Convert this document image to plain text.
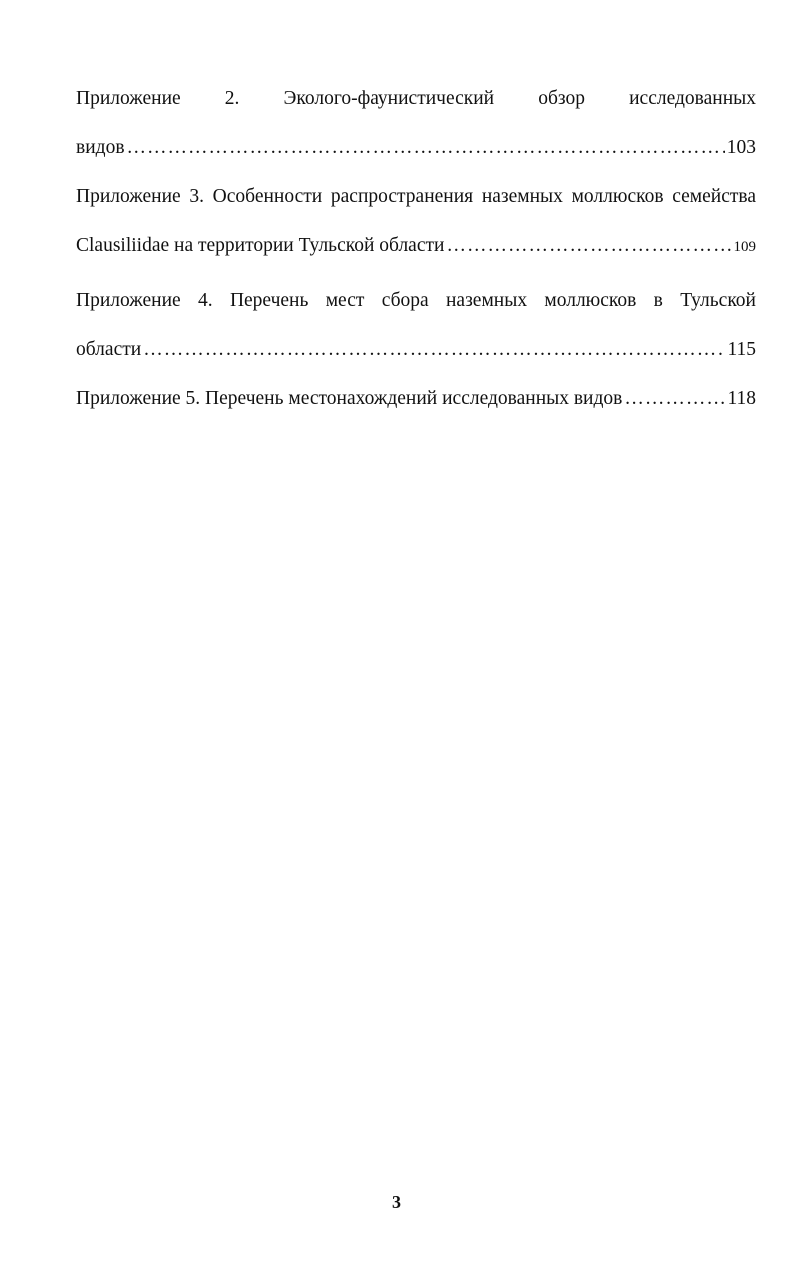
Приложение 2. Эколого-фаунистический обзор исследованных
видов ………………………………………………………………………………………………………………………………………………………………………………	103
Приложение 3. Особенности распространения наземных моллюсков семейства
Clausiliidae на территории Тульской области ………………………………………………………………………………………………………………………………………………………………………………	109
Приложение 4. Перечень мест сбора наземных моллюсков в Тульской
области ………………………………………………………………………………………………………………………………………………………………………………	115
Приложение 5. Перечень местонахождений исследованных видов ………………………………………………………………………………………………………………………………………………………………………………	118
3
